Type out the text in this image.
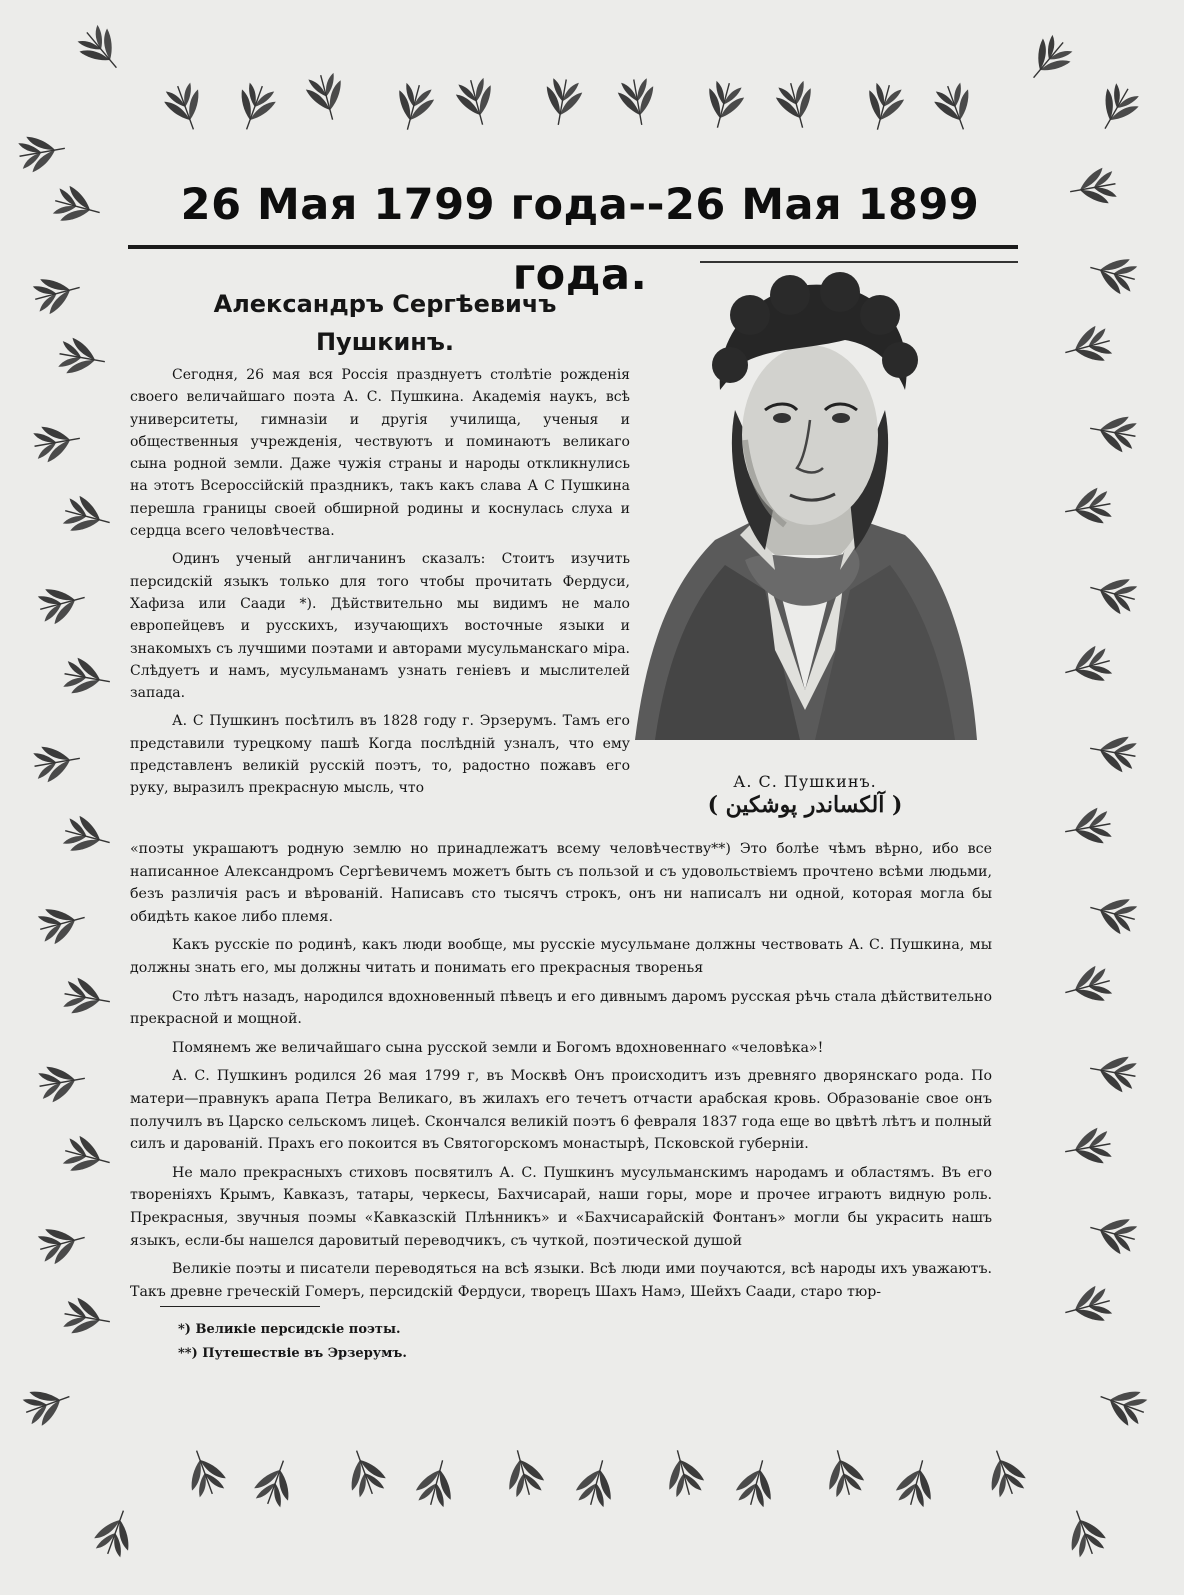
26 Мая 1799 года--26 Мая 1899 года.
Александръ Сергѣевичъ
Пушкинъ.

Сегодня, 26 мая вся Россія празднуетъ столѣтіе рожденія своего величайшаго поэта А. С. Пушкина. Академія наукъ, всѣ университеты, гимназіи и другія училища, ученыя и общественныя учрежденія, чествуютъ и поминаютъ великаго сына родной земли. Даже чужія страны и народы откликнулись на этотъ Всероссійскій праздникъ, такъ какъ слава А С Пушкина перешла границы своей обширной родины и коснулась слуха и сердца всего человѣчества.

Одинъ ученый англичанинъ сказалъ: Стоитъ изучить персидскій языкъ только для того чтобы прочитать Фердуси, Хафиза или Саади *). Дѣйствительно мы видимъ не мало европейцевъ и русскихъ, изучающихъ восточные языки и знакомыхъ съ лучшими поэтами и авторами мусульманскаго міра. Слѣдуетъ и намъ, мусульманамъ узнать геніевъ и мыслителей запада.

А. С Пушкинъ посѣтилъ въ 1828 году г. Эрзерумъ. Тамъ его представили турецкому пашѣ Когда послѣдній узналъ, что ему представленъ великій русскій поэтъ, то, радостно пожавъ его руку, выразилъ прекрасную мысль, что	А. С. Пушкинъ.
( آلکساندر پوشکین )

«поэты украшаютъ родную землю но принадлежатъ всему человѣчеству**) Это болѣе чѣмъ вѣрно, ибо все написанное Александромъ Сергѣевичемъ можетъ быть съ пользой и съ удовольствіемъ прочтено всѣми людьми, безъ различія расъ и вѣрованій. Написавъ сто тысячъ строкъ, онъ ни написалъ ни одной, которая могла бы обидѣть какое либо племя.

Какъ русскіе по родинѣ, какъ люди вообще, мы русскіе мусульмане должны чествовать А. С. Пушкина, мы должны знать его, мы должны читать и понимать его прекрасныя творенья

Сто лѣтъ назадъ, народился вдохновенный пѣвецъ и его дивнымъ даромъ русская рѣчь стала дѣйствительно прекрасной и мощной.

Помянемъ же величайшаго сына русской земли и Богомъ вдохновеннаго «человѣка»!

А. С. Пушкинъ родился 26 мая 1799 г, въ Москвѣ Онъ происходитъ изъ древняго дворянскаго рода. По матери—правнукъ арапа Петра Великаго, въ жилахъ его течетъ отчасти арабская кровь. Образованіе свое онъ получилъ въ Царско сельскомъ лицеѣ. Скончался великій поэтъ 6 февраля 1837 года еще во цвѣтѣ лѣтъ и полный силъ и дарованій. Прахъ его покоится въ Святогорскомъ монастырѣ, Псковской губерніи.

Не мало прекрасныхъ стиховъ посвятилъ А. С. Пушкинъ мусульманскимъ народамъ и областямъ. Въ его твореніяхъ Крымъ, Кавказъ, татары, черкесы, Бахчисарай, наши горы, море и прочее играютъ видную роль. Прекрасныя, звучныя поэмы «Кавказскій Плѣнникъ» и «Бахчисарайскій Фонтанъ» могли бы украсить нашъ языкъ, если-бы нашелся даровитый переводчикъ, съ чуткой, поэтической душой

Великіе поэты и писатели переводяться на всѣ языки. Всѣ люди ими поучаются, всѣ народы ихъ уважаютъ. Такъ древне греческій Гомеръ, персидскій Фердуси, творецъ Шахъ Намэ, Шейхъ Саади, старо тюр-

*) Великіе персидскіе поэты.
**) Путешествіе въ Эрзерумъ.
